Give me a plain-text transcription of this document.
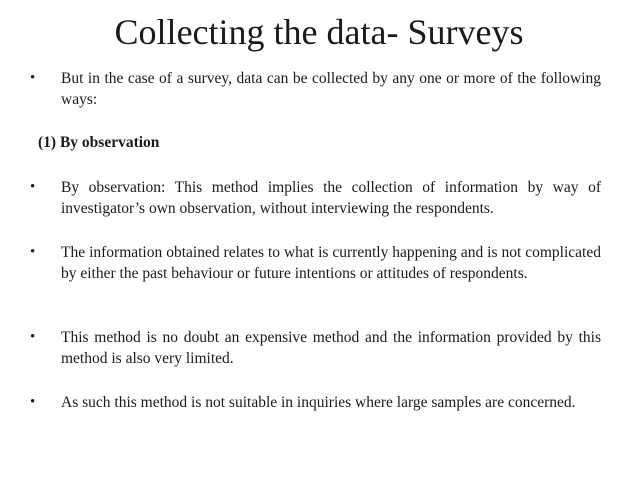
Collecting the data- Surveys
• But in the case of a survey, data can be collected by any one or more of the following ways:
(1) By observation
• By observation: This method implies the collection of information by way of investigator’s own observation, without interviewing the respondents.
• The information obtained relates to what is currently happening and is not complicated by either the past behaviour or future intentions or attitudes of respondents.
• This method is no doubt an expensive method and the information provided by this method is also very limited.
• As such this method is not suitable in inquiries where large samples are concerned.
